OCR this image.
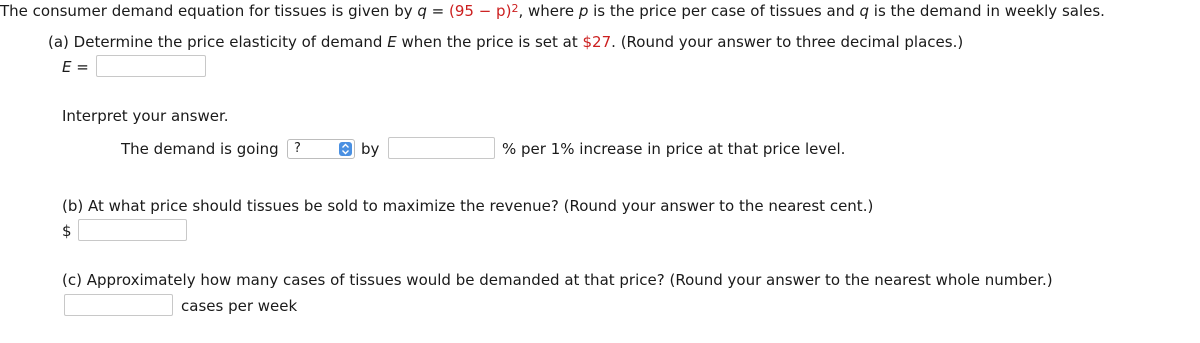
The consumer demand equation for tissues is given by $q = (95 - p)^2$, where p is the price per case of tissues and q is the demand in weekly sales.
(a) Determine the price elasticity of demand E when the price is set at $27. (Round your answer to three decimal places.)
E =
Interpret your answer.
The demand is going ?	by	% per 1% increase in price at that price level.
(b) At what price should tissues be sold to maximize the revenue? (Round your answer to the nearest cent.)
$
(c) Approximately how many cases of tissues would be demanded at that price? (Round your answer to the nearest whole number.)
cases per week
